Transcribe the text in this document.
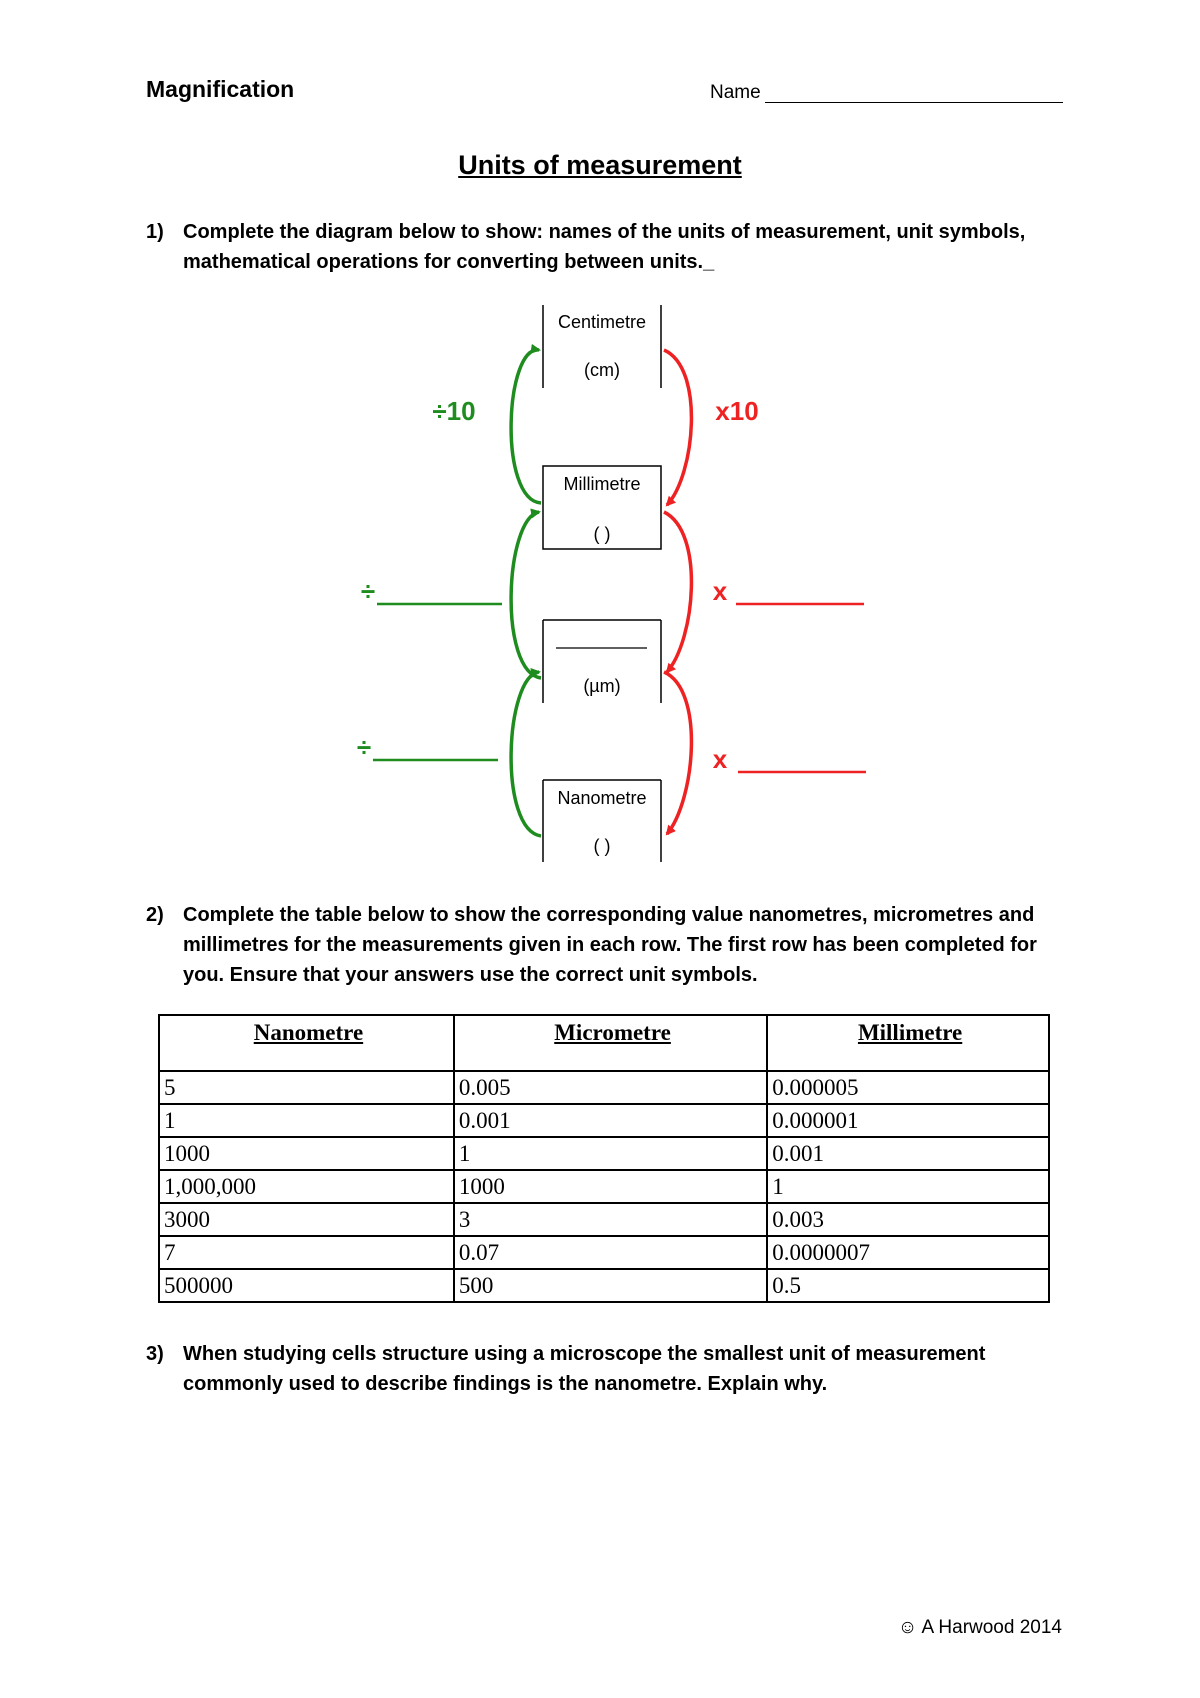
Magnification	Name
Units of measurement
1) Complete the diagram below to show: names of the units of measurement, unit symbols, mathematical operations for converting between units._
Centimetre
(cm)
Millimetre
( )
(µm)
Nanometre
( )
÷10
÷
÷
x10
x
x
2) Complete the table below to show the corresponding value nanometres, micrometres and millimetres for the measurements given in each row. The first row has been completed for you. Ensure that your answers use the correct unit symbols.
Nanometre	Micrometre	Millimetre
5	0.005	0.000005
1	0.001	0.000001
1000	1	0.001
1,000,000	1000	1
3000	3	0.003
7	0.07	0.0000007
500000	500	0.5
3) When studying cells structure using a microscope the smallest unit of measurement commonly used to describe findings is the nanometre. Explain why.
☺ A Harwood 2014
